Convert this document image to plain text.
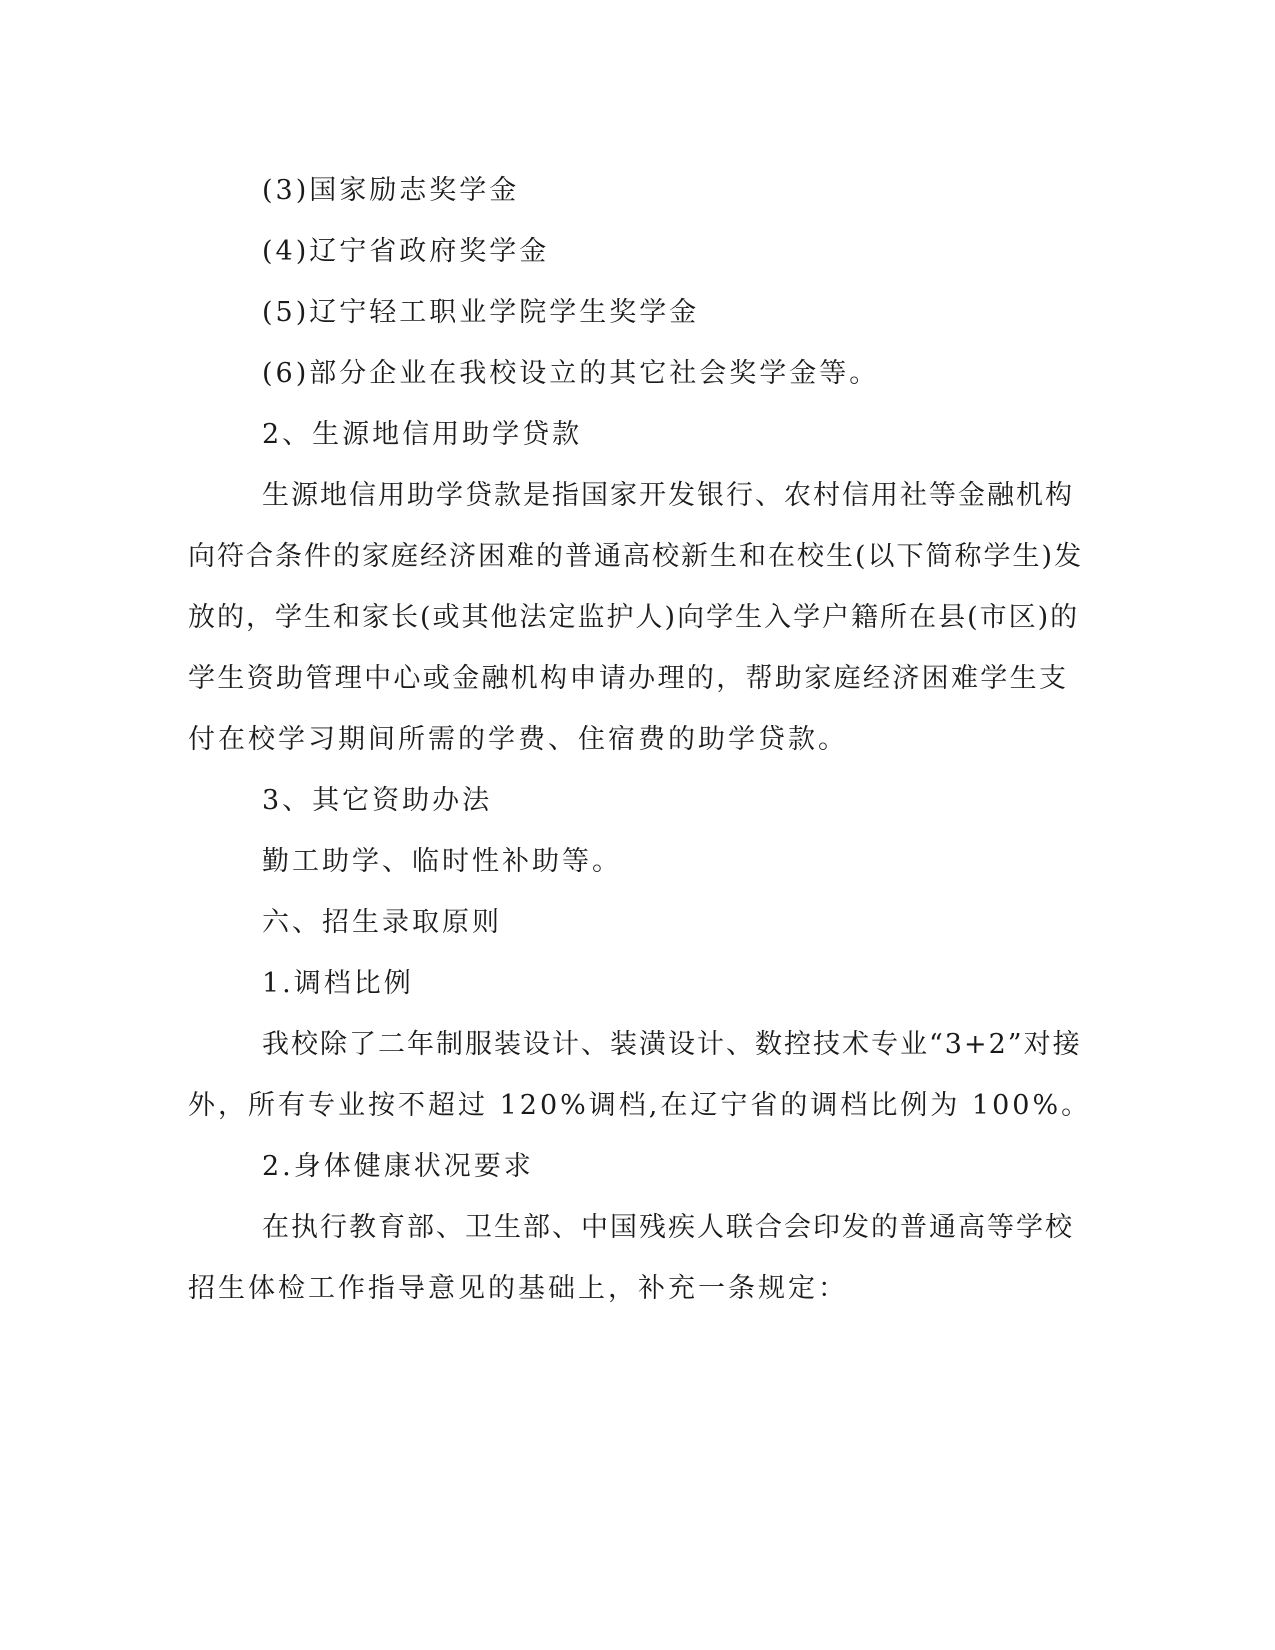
(3)国家励志奖学金
(4)辽宁省政府奖学金
(5)辽宁轻工职业学院学生奖学金
(6)部分企业在我校设立的其它社会奖学金等。
2、生源地信用助学贷款
生源地信用助学贷款是指国家开发银行、农村信用社等金融机构
向符合条件的家庭经济困难的普通高校新生和在校生(以下简称学生)发
放的，学生和家长(或其他法定监护人)向学生入学户籍所在县(市区)的
学生资助管理中心或金融机构申请办理的，帮助家庭经济困难学生支
付在校学习期间所需的学费、住宿费的助学贷款。
3、其它资助办法
勤工助学、临时性补助等。
六、招生录取原则
1.调档比例
我校除了二年制服装设计、装潢设计、数控技术专业“3+2”对接
外，所有专业按不超过 120%调档,在辽宁省的调档比例为 100%。
2.身体健康状况要求
在执行教育部、卫生部、中国残疾人联合会印发的普通高等学校
招生体检工作指导意见的基础上，补充一条规定：
